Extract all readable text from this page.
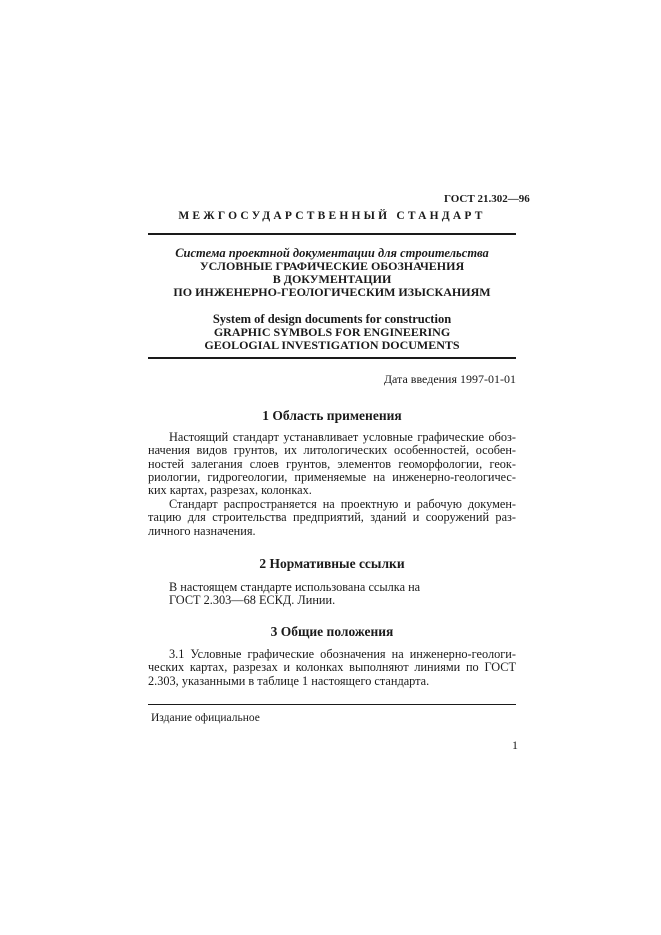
ГОСТ 21.302—96
МЕЖГОСУДАРСТВЕННЫЙ СТАНДАРТ
Система проектной документации для строительства
УСЛОВНЫЕ ГРАФИЧЕСКИЕ ОБОЗНАЧЕНИЯ
В ДОКУМЕНТАЦИИ
ПО ИНЖЕНЕРНО-ГЕОЛОГИЧЕСКИМ ИЗЫСКАНИЯМ
System of design documents for construction
GRAPHIC SYMBOLS FOR ENGINEERING
GEOLOGIAL INVESTIGATION DOCUMENTS
Дата введения 1997-01-01
1 Область применения
Настоящий стандарт устанавливает условные графические обоз-
начения видов грунтов, их литологических особенностей, особен-
ностей залегания слоев грунтов, элементов геоморфологии, геок-
риологии, гидрогеологии, применяемые на инженерно-геологичес-
ких картах, разрезах, колонках.
Стандарт распространяется на проектную и рабочую докумен-
тацию для строительства предприятий, зданий и сооружений раз-
личного назначения.
2 Нормативные ссылки
В настоящем стандарте использована ссылка на
ГОСТ 2.303—68 ЕСКД. Линии.
3 Общие положения
3.1 Условные графические обозначения на инженерно-геологи-
ческих картах, разрезах и колонках выполняют линиями по ГОСТ
2.303, указанными в таблице 1 настоящего стандарта.
Издание официальное
1
